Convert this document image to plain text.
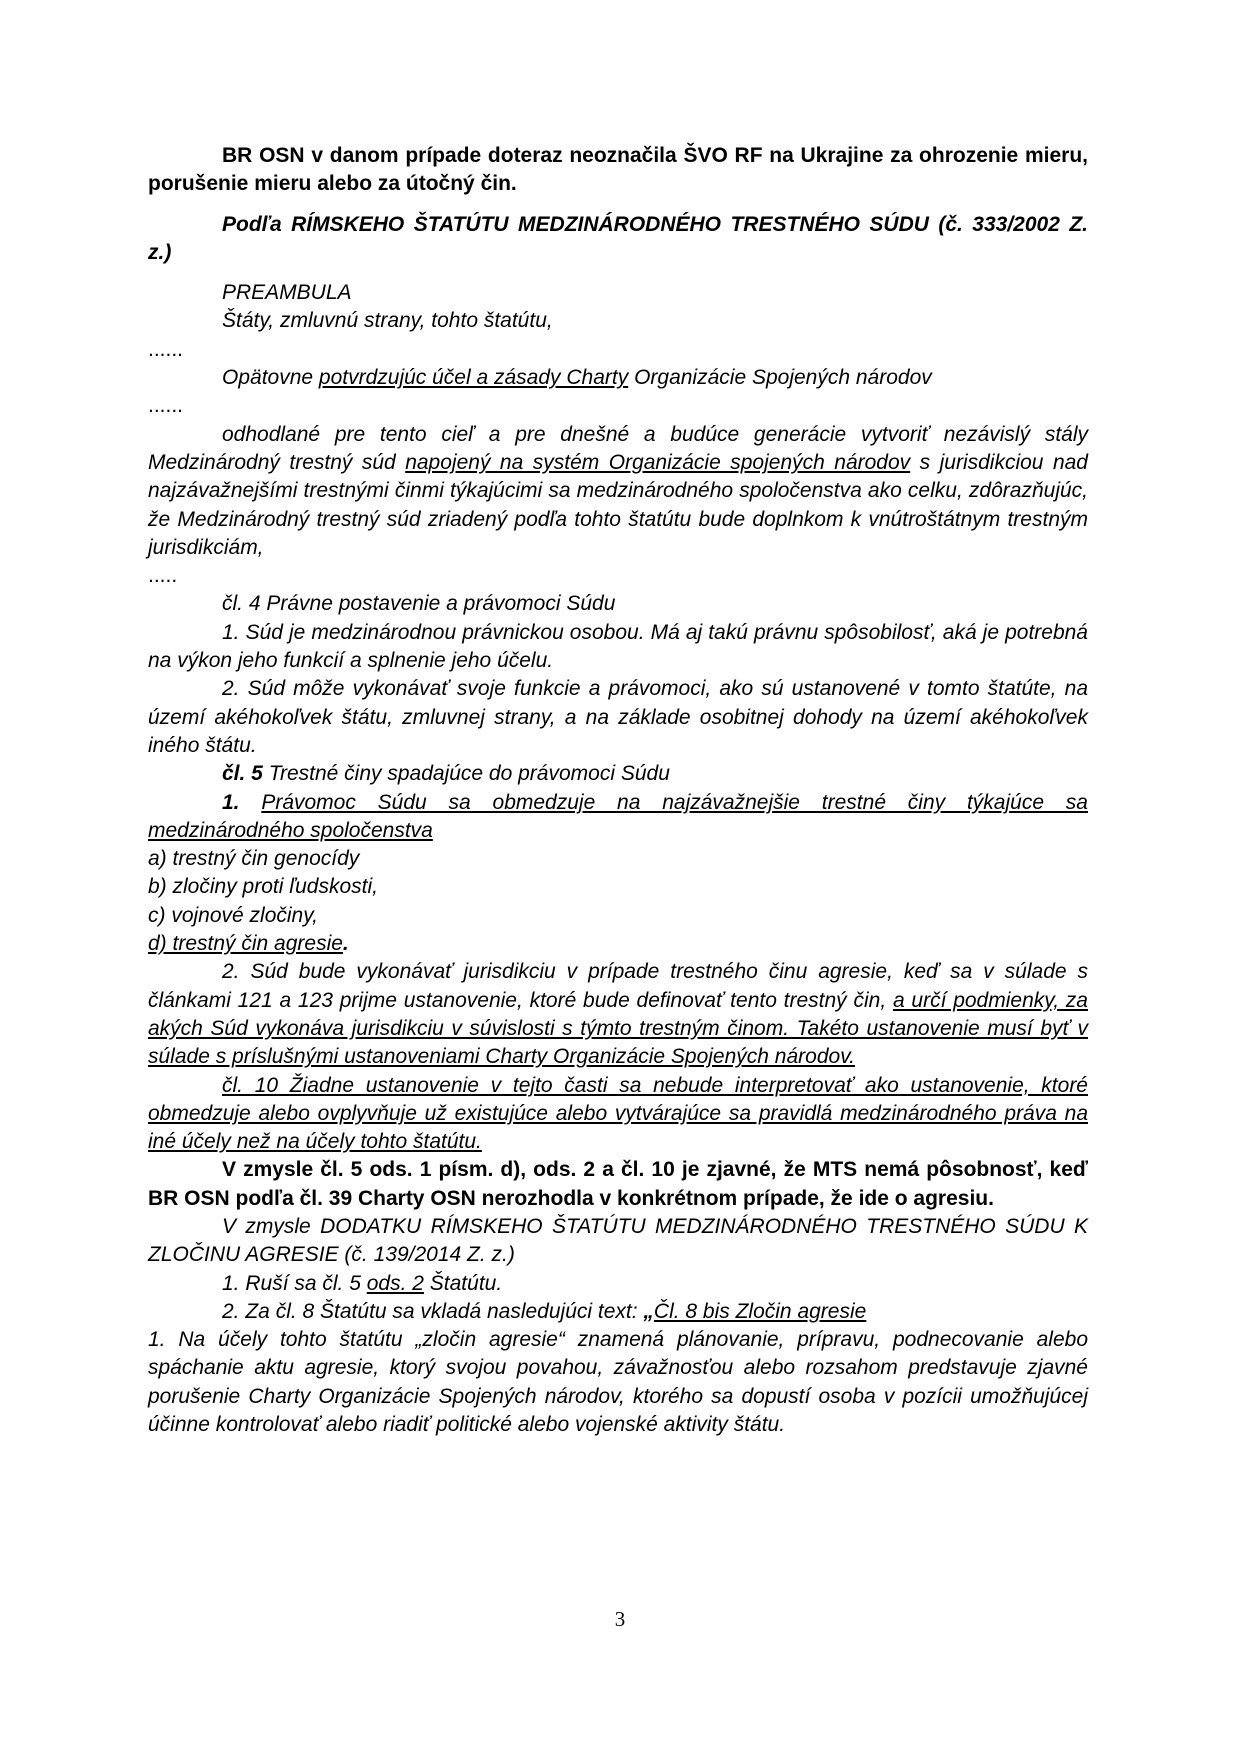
BR OSN v danom prípade doteraz neoznačila ŠVO RF na Ukrajine za ohrozenie mieru, porušenie mieru alebo za útočný čin.

Podľa RÍMSKEHO ŠTATÚTU MEDZINÁRODNÉHO TRESTNÉHO SÚDU (č. 333/2002 Z. z.)

PREAMBULA

Štáty, zmluvnú strany, tohto štatútu,

......

Opätovne potvrdzujúc účel a zásady Charty Organizácie Spojených národov

......

odhodlané pre tento cieľ a pre dnešné a budúce generácie vytvoriť nezávislý stály Medzinárodný trestný súd napojený na systém Organizácie spojených národov s jurisdikciou nad najzávažnejšími trestnými činmi týkajúcimi sa medzinárodného spoločenstva ako celku, zdôrazňujúc, že Medzinárodný trestný súd zriadený podľa tohto štatútu bude doplnkom k vnútroštátnym trestným jurisdikciám,

.....

čl. 4 Právne postavenie a právomoci Súdu

1. Súd je medzinárodnou právnickou osobou. Má aj takú právnu spôsobilosť, aká je potrebná na výkon jeho funkcií a splnenie jeho účelu.

2. Súd môže vykonávať svoje funkcie a právomoci, ako sú ustanovené v tomto štatúte, na území akéhokoľvek štátu, zmluvnej strany, a na základe osobitnej dohody na území akéhokoľvek iného štátu.

čl. 5 Trestné činy spadajúce do právomoci Súdu

1. Právomoc Súdu sa obmedzuje na najzávažnejšie trestné činy týkajúce sa medzinárodného spoločenstva

a) trestný čin genocídy

b) zločiny proti ľudskosti,

c) vojnové zločiny,

d) trestný čin agresie.

2. Súd bude vykonávať jurisdikciu v prípade trestného činu agresie, keď sa v súlade s článkami 121 a 123 prijme ustanovenie, ktoré bude definovať tento trestný čin, a určí podmienky, za akých Súd vykonáva jurisdikciu v súvislosti s týmto trestným činom. Takéto ustanovenie musí byť v súlade s príslušnými ustanoveniami Charty Organizácie Spojených národov.

čl. 10 Žiadne ustanovenie v tejto časti sa nebude interpretovať ako ustanovenie, ktoré obmedzuje alebo ovplyvňuje už existujúce alebo vytvárajúce sa pravidlá medzinárodného práva na iné účely než na účely tohto štatútu.

V zmysle čl. 5 ods. 1 písm. d), ods. 2 a čl. 10 je zjavné, že MTS nemá pôsobnosť, keď BR OSN podľa čl. 39 Charty OSN nerozhodla v konkrétnom prípade, že ide o agresiu.

V zmysle DODATKU RÍMSKEHO ŠTATÚTU MEDZINÁRODNÉHO TRESTNÉHO SÚDU K ZLOČINU AGRESIE (č. 139/2014 Z. z.)

1. Ruší sa čl. 5 ods. 2 Štatútu.

2. Za čl. 8 Štatútu sa vkladá nasledujúci text: „Čl. 8 bis Zločin agresie

1. Na účely tohto štatútu „zločin agresie“ znamená plánovanie, prípravu, podnecovanie alebo spáchanie aktu agresie, ktorý svojou povahou, závažnosťou alebo rozsahom predstavuje zjavné porušenie Charty Organizácie Spojených národov, ktorého sa dopustí osoba v pozícii umožňujúcej účinne kontrolovať alebo riadiť politické alebo vojenské aktivity štátu.

3
